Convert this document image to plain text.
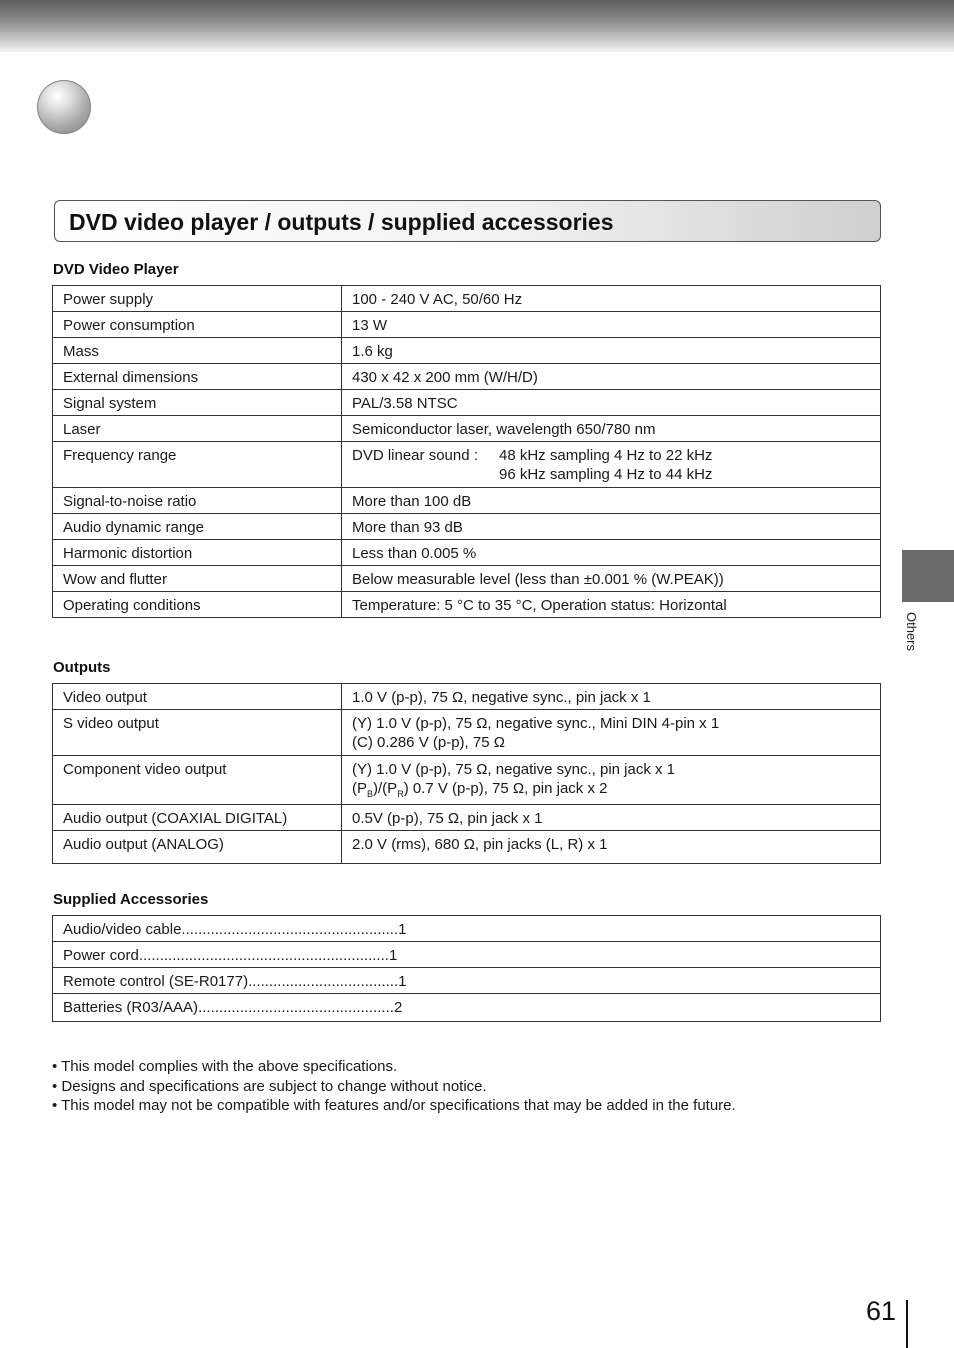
DVD video player / outputs / supplied accessories
DVD Video Player
Power supply	100 - 240 V AC, 50/60 Hz
Power consumption	13 W
Mass	1.6 kg
External dimensions	430 x 42 x 200 mm (W/H/D)
Signal system	PAL/3.58 NTSC
Laser	Semiconductor laser, wavelength 650/780 nm
Frequency range	DVD linear sound : 48 kHz sampling 4 Hz to 22 kHz
96 kHz sampling 4 Hz to 44 kHz

Signal-to-noise ratio	More than 100 dB
Audio dynamic range	More than 93 dB
Harmonic distortion	Less than 0.005 %
Wow and flutter	Below measurable level (less than ±0.001 % (W.PEAK))
Operating conditions	Temperature: 5 °C to 35 °C, Operation status: Horizontal
Outputs
Video output	1.0 V (p-p), 75 Ω, negative sync., pin jack x 1
S video output	(Y) 1.0 V (p-p), 75 Ω, negative sync., Mini DIN 4-pin x 1
(C) 0.286 V (p-p), 75 Ω

Component video output	(Y) 1.0 V (p-p), 75 Ω, negative sync., pin jack x 1
$(P_B)/(P_R)$ 0.7 V (p-p), 75 Ω, pin jack x 2

Audio output (COAXIAL DIGITAL)	0.5V (p-p), 75 Ω, pin jack x 1
Audio output (ANALOG)	2.0 V (rms), 680 Ω, pin jacks (L, R) x 1
Supplied Accessories
Audio/video cable .................................................... 1

Power cord ............................................................ 1

Remote control (SE-R0177) .................................... 1

Batteries (R03/AAA) ............................................... 2
• This model complies with the above specifications.
• Designs and specifications are subject to change without notice.
• This model may not be compatible with features and/or specifications that may be added in the future.
Others
61
